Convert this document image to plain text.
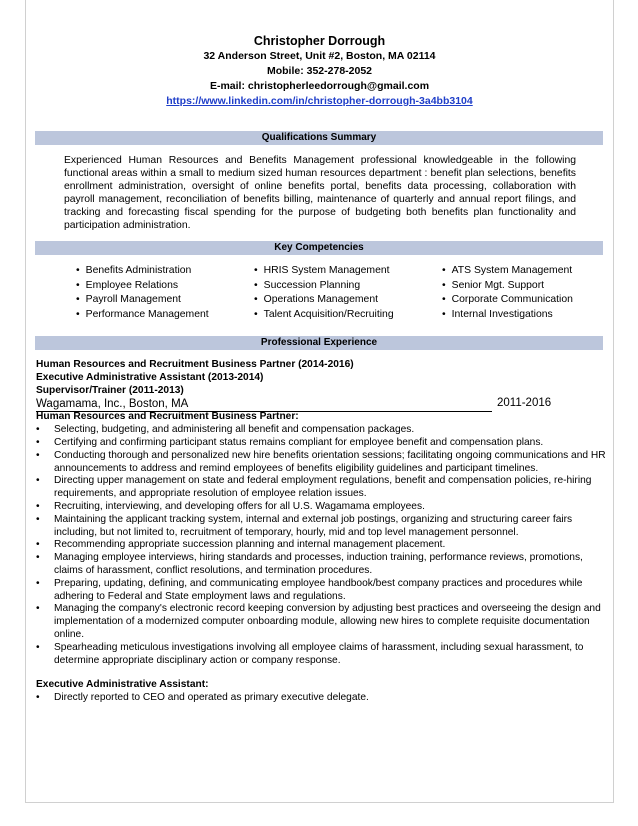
Christopher Dorrough
32 Anderson Street, Unit #2, Boston, MA 02114
Mobile: 352-278-2052
E-mail: christopherleedorrough@gmail.com
https://www.linkedin.com/in/christopher-dorrough-3a4bb3104
Qualifications Summary
Experienced Human Resources and Benefits Management professional knowledgeable in the following functional areas within a small to medium sized human resources department : benefit plan selections, benefits enrollment administration, oversight of online benefits portal, benefits data processing, collaboration with payroll management, reconciliation of benefits billing, maintenance of quarterly and annual report filings, and tracking and forecasting fiscal spending for the purpose of budgeting both benefits plan functionality and participation administration.
Key Competencies
• Benefits Administration
• Employee Relations
• Payroll Management
• Performance Management
• HRIS System Management
• Succession Planning
• Operations Management
• Talent Acquisition/Recruiting
• ATS System Management
• Senior Mgt. Support
• Corporate Communication
• Internal Investigations
Professional Experience
Human Resources and Recruitment Business Partner (2014-2016)
Executive Administrative Assistant (2013-2014)
Supervisor/Trainer (2011-2013)
Wagamama, Inc., Boston, MA	2011-2016
Human Resources and Recruitment Business Partner:
• Selecting, budgeting, and administering all benefit and compensation packages.
• Certifying and confirming participant status remains compliant for employee benefit and compensation plans.
• Conducting thorough and personalized new hire benefits orientation sessions; facilitating ongoing communications and HR announcements to address and remind employees of benefits eligibility guidelines and participant timelines.
• Directing upper management on state and federal employment regulations, benefit and compensation policies, re-hiring requirements, and appropriate resolution of employee relation issues.
• Recruiting, interviewing, and developing offers for all U.S. Wagamama employees.
• Maintaining the applicant tracking system, internal and external job postings, organizing and structuring career fairs including, but not limited to, recruitment of temporary, hourly, mid and top level management personnel.
• Recommending appropriate succession planning and internal management placement.
• Managing employee interviews, hiring standards and processes, induction training, performance reviews, promotions, claims of harassment, conflict resolutions, and termination procedures.
• Preparing, updating, defining, and communicating employee handbook/best company practices and procedures while adhering to Federal and State employment laws and regulations.
• Managing the company's electronic record keeping conversion by adjusting best practices and overseeing the design and implementation of a modernized computer onboarding module, allowing new hires to complete requisite documentation online.
• Spearheading meticulous investigations involving all employee claims of harassment, including sexual harassment, to determine appropriate disciplinary action or company response.
Executive Administrative Assistant:
• Directly reported to CEO and operated as primary executive delegate.
